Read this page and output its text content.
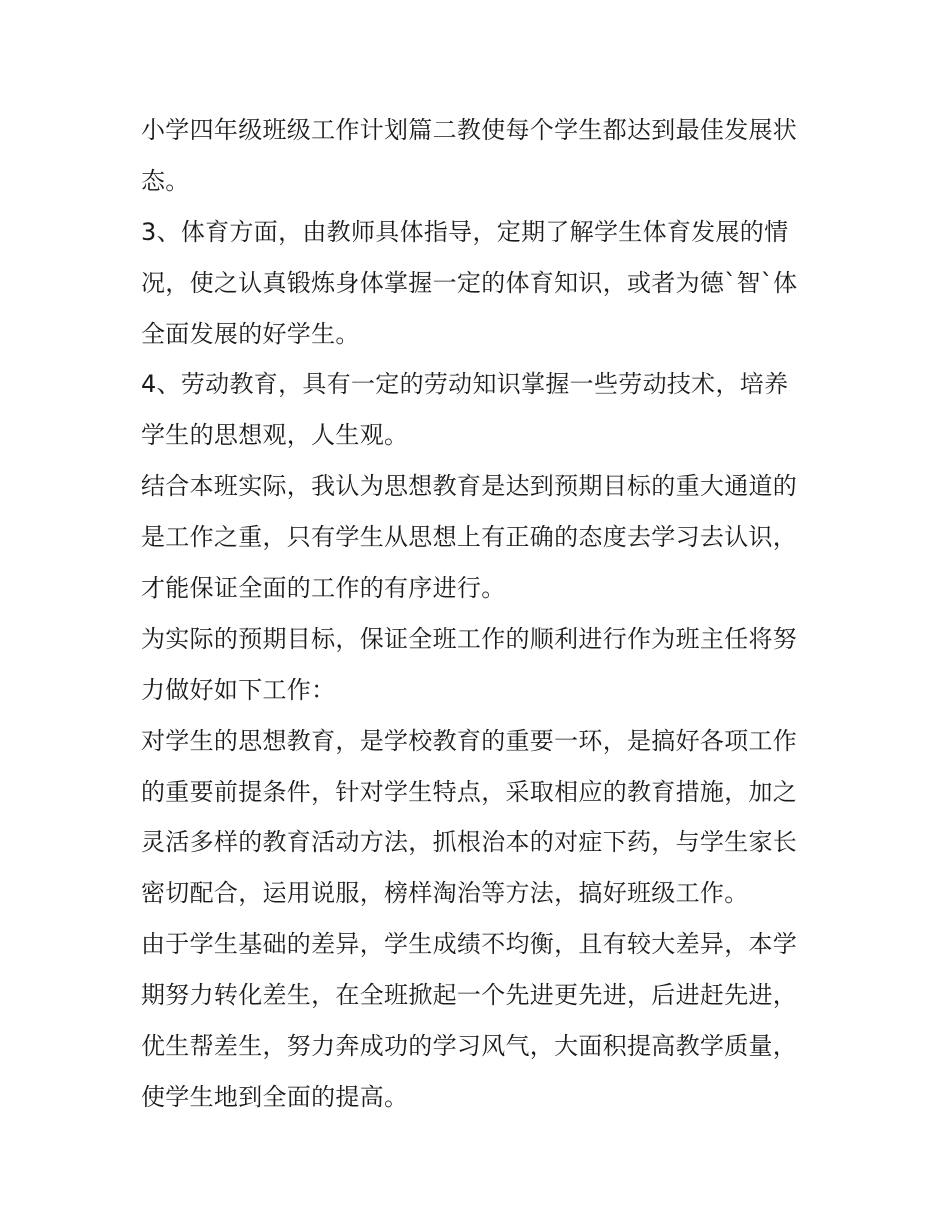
小学四年级班级工作计划篇二教使每个学生都达到最佳发展状
态。
3、体育方面，由教师具体指导，定期了解学生体育发展的情
况，使之认真锻炼身体掌握一定的体育知识，或者为德`智`体
全面发展的好学生。
4、劳动教育，具有一定的劳动知识掌握一些劳动技术，培养
学生的思想观，人生观。
结合本班实际，我认为思想教育是达到预期目标的重大通道的
是工作之重，只有学生从思想上有正确的态度去学习去认识，
才能保证全面的工作的有序进行。
为实际的预期目标，保证全班工作的顺利进行作为班主任将努
力做好如下工作：
对学生的思想教育，是学校教育的重要一环，是搞好各项工作
的重要前提条件，针对学生特点，采取相应的教育措施，加之
灵活多样的教育活动方法，抓根治本的对症下药，与学生家长
密切配合，运用说服，榜样淘治等方法，搞好班级工作。
由于学生基础的差异，学生成绩不均衡，且有较大差异，本学
期努力转化差生，在全班掀起一个先进更先进，后进赶先进，
优生帮差生，努力奔成功的学习风气，大面积提高教学质量，
使学生地到全面的提高。
